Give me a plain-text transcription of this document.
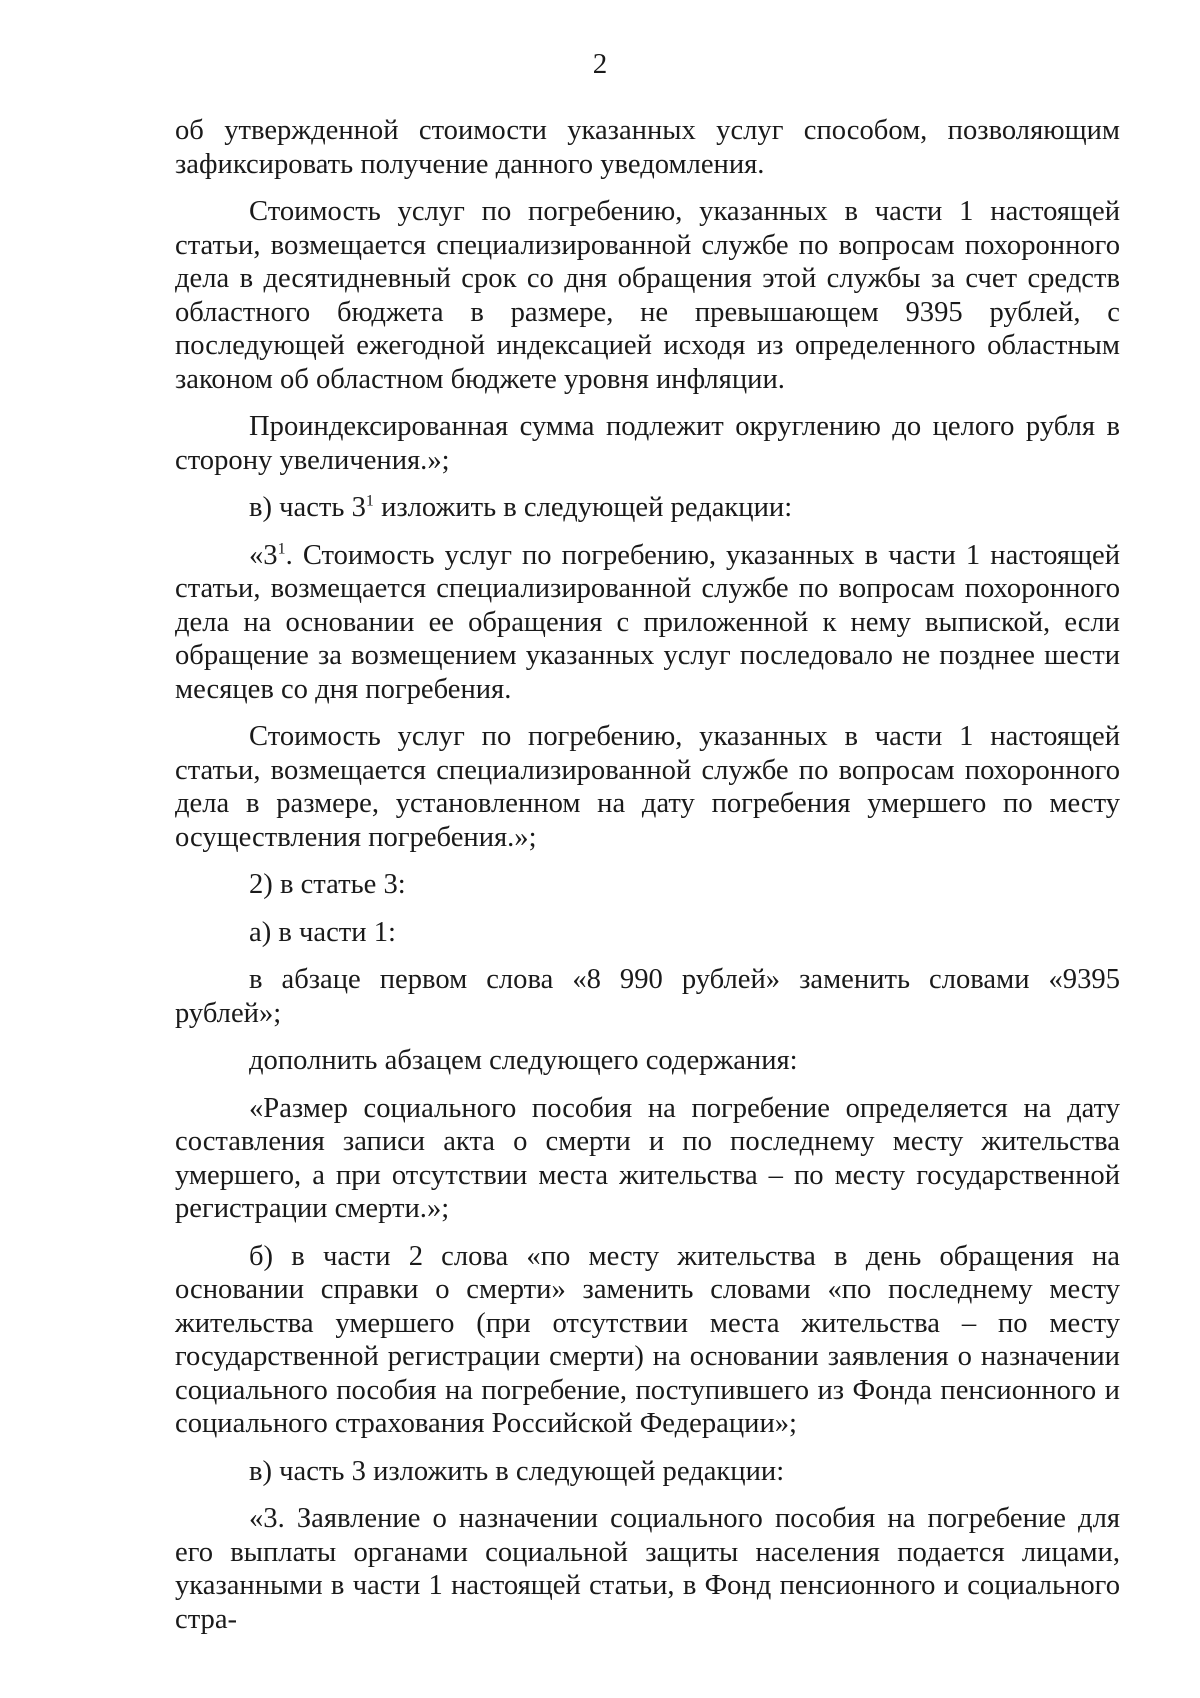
2

об утвержденной стоимости указанных услуг способом, позволяющим зафиксировать получение данного уведомления.

Стоимость услуг по погребению, указанных в части 1 настоящей статьи, возмещается специализированной службе по вопросам похоронного дела в десятидневный срок со дня обращения этой службы за счет средств областного бюджета в размере, не превышающем 9395 рублей, с последующей ежегодной индексацией исходя из определенного областным законом об областном бюджете уровня инфляции.

Проиндексированная сумма подлежит округлению до целого рубля в сторону увеличения.»;

в) часть $3^1$ изложить в следующей редакции:

«$3^1$. Стоимость услуг по погребению, указанных в части 1 настоящей статьи, возмещается специализированной службе по вопросам похоронного дела на основании ее обращения с приложенной к нему выпиской, если обращение за возмещением указанных услуг последовало не позднее шести месяцев со дня погребения.

Стоимость услуг по погребению, указанных в части 1 настоящей статьи, возмещается специализированной службе по вопросам похоронного дела в размере, установленном на дату погребения умершего по месту осуществления погребения.»;

2) в статье 3:

а) в части 1:

в абзаце первом слова «8 990 рублей» заменить словами «9395 рублей»;

дополнить абзацем следующего содержания:

«Размер социального пособия на погребение определяется на дату составления записи акта о смерти и по последнему месту жительства умершего, а при отсутствии места жительства – по месту государственной регистрации смерти.»;

б) в части 2 слова «по месту жительства в день обращения на основании справки о смерти» заменить словами «по последнему месту жительства умершего (при отсутствии места жительства – по месту государственной регистрации смерти) на основании заявления о назначении социального пособия на погребение, поступившего из Фонда пенсионного и социального страхования Российской Федерации»;

в) часть 3 изложить в следующей редакции:

«3. Заявление о назначении социального пособия на погребение для его выплаты органами социальной защиты населения подается лицами, указанными в части 1 настоящей статьи, в Фонд пенсионного и социального стра-
